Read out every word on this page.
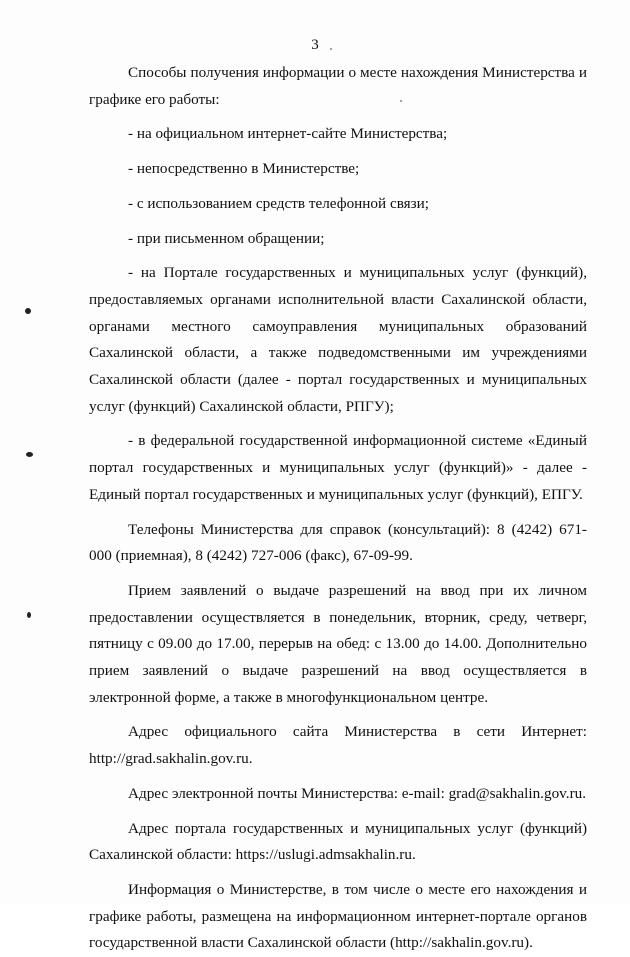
3

Способы получения информации о месте нахождения Министерства и графике его работы:

- на официальном интернет-сайте Министерства;

- непосредственно в Министерстве;

- с использованием средств телефонной связи;

- при письменном обращении;

- на Портале государственных и муниципальных услуг (функций), предоставляемых органами исполнительной власти Сахалинской области, органами местного самоуправления муниципальных образований Сахалинской области, а также подведомственными им учреждениями Сахалинской области (далее - портал государственных и муниципальных услуг (функций) Сахалинской области, РПГУ);

- в федеральной государственной информационной системе «Единый портал государственных и муниципальных услуг (функций)» - далее - Единый портал государственных и муниципальных услуг (функций), ЕПГУ.

Телефоны Министерства для справок (консультаций): 8 (4242) 671-000 (приемная), 8 (4242) 727-006 (факс), 67-09-99.

Прием заявлений о выдаче разрешений на ввод при их личном предоставлении осуществляется в понедельник, вторник, среду, четверг, пятницу с 09.00 до 17.00, перерыв на обед: с 13.00 до 14.00. Дополнительно прием заявлений о выдаче разрешений на ввод осуществляется в электронной форме, а также в многофункциональном центре.

Адрес официального сайта Министерства в сети Интернет: http://grad.sakhalin.gov.ru.

Адрес электронной почты Министерства: e-mail: grad@sakhalin.gov.ru.

Адрес портала государственных и муниципальных услуг (функций) Сахалинской области: https://uslugi.admsakhalin.ru.

Информация о Министерстве, в том числе о месте его нахождения и графике работы, размещена на информационном интернет-портале органов государственной власти Сахалинской области (http://sakhalin.gov.ru).
